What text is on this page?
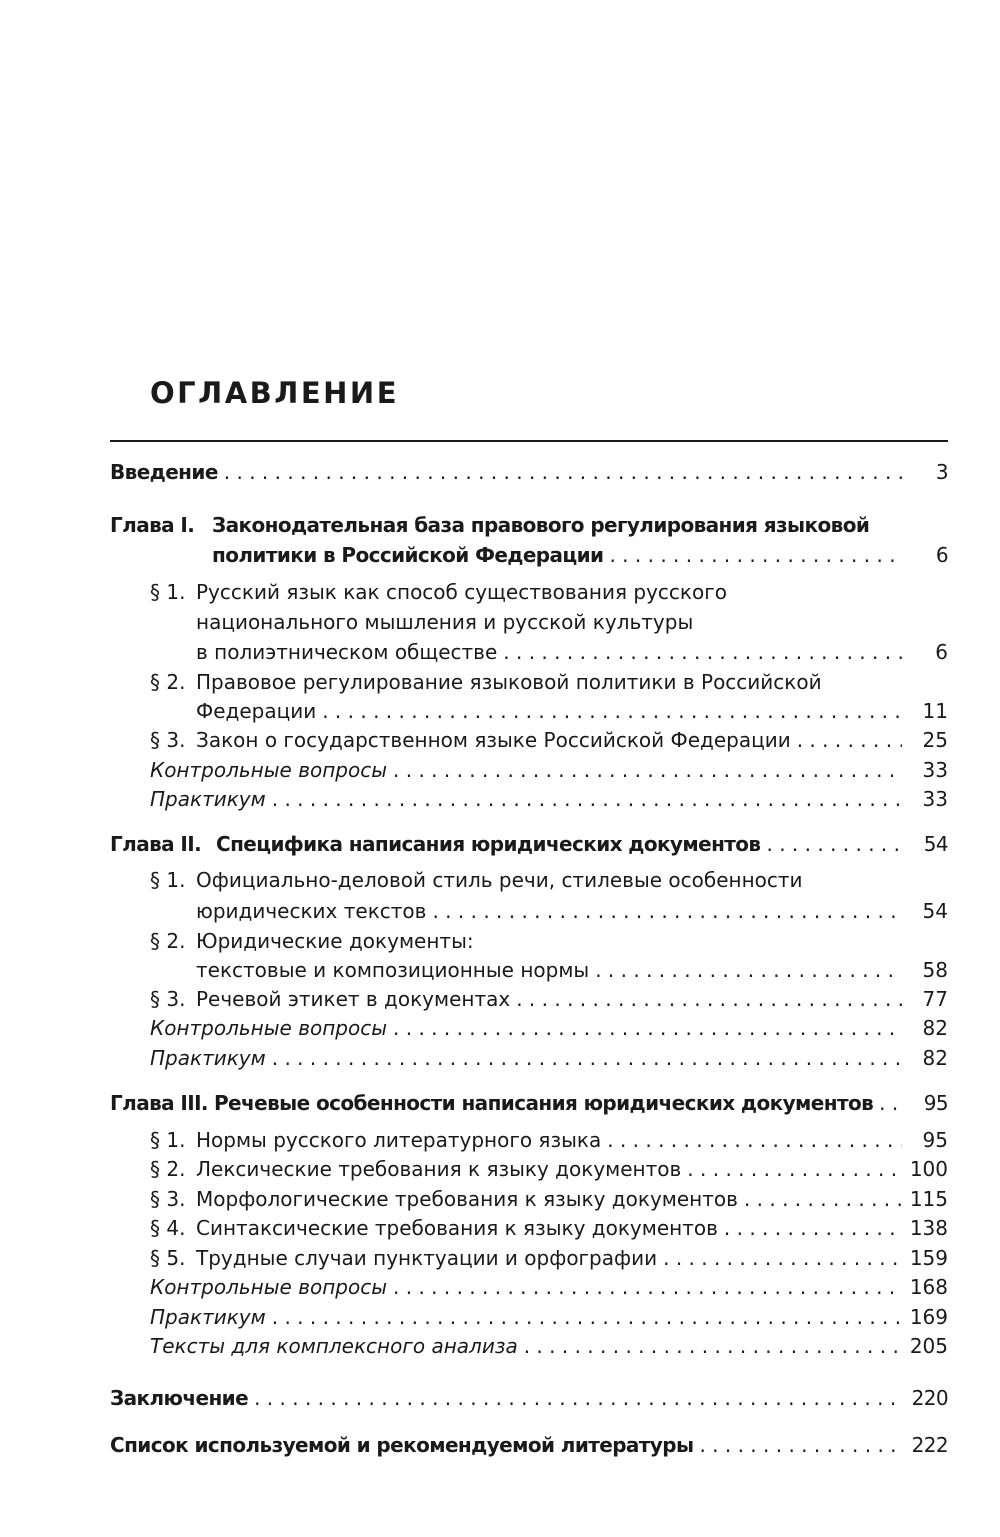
ОГЛАВЛЕНИЕ
Введение . . .	3
Глава I. Законодательная база правового регулирования языковой
политики в Российской Федерации . . .	6
§ 1. Русский язык как способ существования русского
национального мышления и русской культуры
в полиэтническом обществе . . .	6
§ 2. Правовое регулирование языковой политики в Российской
Федерации . . .	11
§ 3. Закон о государственном языке Российской Федерации . . .	25
Контрольные вопросы . . .	33
Практикум . . .	33
Глава II. Специфика написания юридических документов . . .	54
§ 1. Официально-деловой стиль речи, стилевые особенности
юридических текстов . . .	54
§ 2. Юридические документы:
текстовые и композиционные нормы . . .	58
§ 3. Речевой этикет в документах . . .	77
Контрольные вопросы . . .	82
Практикум . . .	82
Глава III. Речевые особенности написания юридических документов . . .	95
§ 1. Нормы русского литературного языка . . .	95
§ 2. Лексические требования к языку документов . . .	100
§ 3. Морфологические требования к языку документов . . .	115
§ 4. Синтаксические требования к языку документов . . .	138
§ 5. Трудные случаи пунктуации и орфографии . . .	159
Контрольные вопросы . . .	168
Практикум . . .	169
Тексты для комплексного анализа . . .	205
Заключение . . .	220
Список используемой и рекомендуемой литературы . . .	222
